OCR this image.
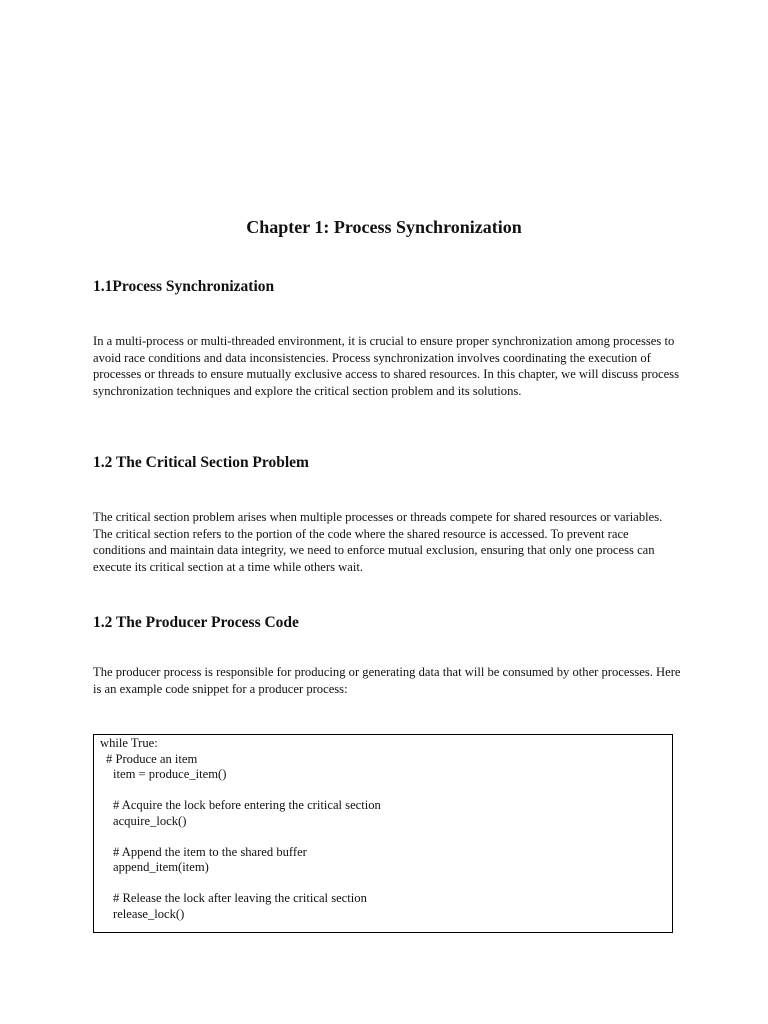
Chapter 1: Process Synchronization
1.1Process Synchronization

In a multi-process or multi-threaded environment, it is crucial to ensure proper synchronization among processes to avoid race conditions and data inconsistencies. Process synchronization involves coordinating the execution of processes or threads to ensure mutually exclusive access to shared resources. In this chapter, we will discuss process synchronization techniques and explore the critical section problem and its solutions.

1.2 The Critical Section Problem

The critical section problem arises when multiple processes or threads compete for shared resources or variables. The critical section refers to the portion of the code where the shared resource is accessed. To prevent race conditions and maintain data integrity, we need to enforce mutual exclusion, ensuring that only one process can execute its critical section at a time while others wait.

1.2 The Producer Process Code

The producer process is responsible for producing or generating data that will be consumed by other processes. Here is an example code snippet for a producer process:

while True:
# Produce an item
item = produce_item()
# Acquire the lock before entering the critical section
acquire_lock()
# Append the item to the shared buffer
append_item(item)
# Release the lock after leaving the critical section
release_lock()
